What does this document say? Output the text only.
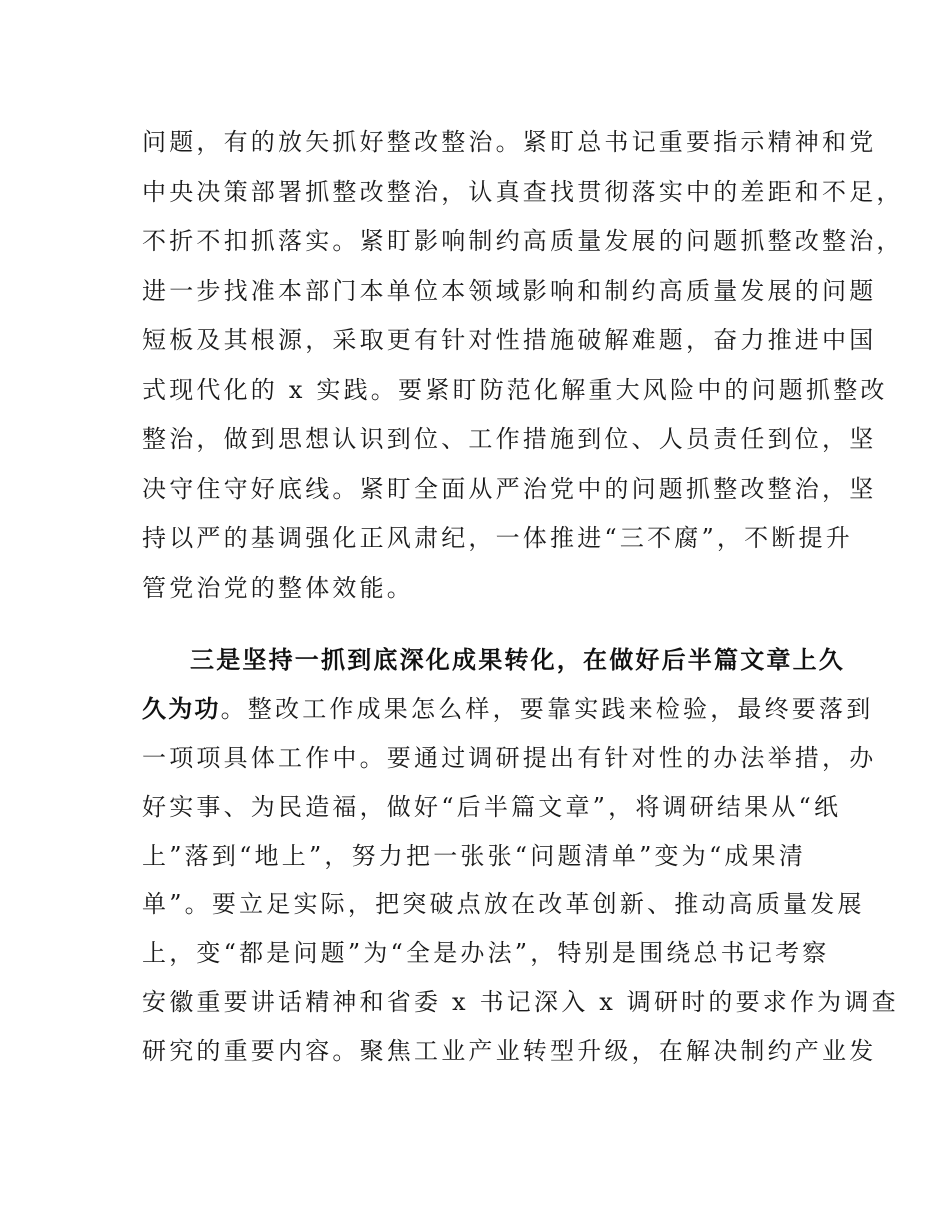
问题，有的放矢抓好整改整治。紧盯总书记重要指示精神和党
中央决策部署抓整改整治，认真查找贯彻落实中的差距和不足，
不折不扣抓落实。紧盯影响制约高质量发展的问题抓整改整治，
进一步找准本部门本单位本领域影响和制约高质量发展的问题
短板及其根源，采取更有针对性措施破解难题，奋力推进中国
式现代化的 x 实践。要紧盯防范化解重大风险中的问题抓整改
整治，做到思想认识到位、工作措施到位、人员责任到位，坚
决守住守好底线。紧盯全面从严治党中的问题抓整改整治，坚
持以严的基调强化正风肃纪，一体推进“三不腐”，不断提升
管党治党的整体效能。
三是坚持一抓到底深化成果转化，在做好后半篇文章上久
久为功。整改工作成果怎么样，要靠实践来检验，最终要落到
一项项具体工作中。要通过调研提出有针对性的办法举措，办
好实事、为民造福，做好“后半篇文章”，将调研结果从“纸
上”落到“地上”，努力把一张张“问题清单”变为“成果清
单”。要立足实际，把突破点放在改革创新、推动高质量发展
上，变“都是问题”为“全是办法”，特别是围绕总书记考察
安徽重要讲话精神和省委 x 书记深入 x 调研时的要求作为调查
研究的重要内容。聚焦工业产业转型升级，在解决制约产业发
